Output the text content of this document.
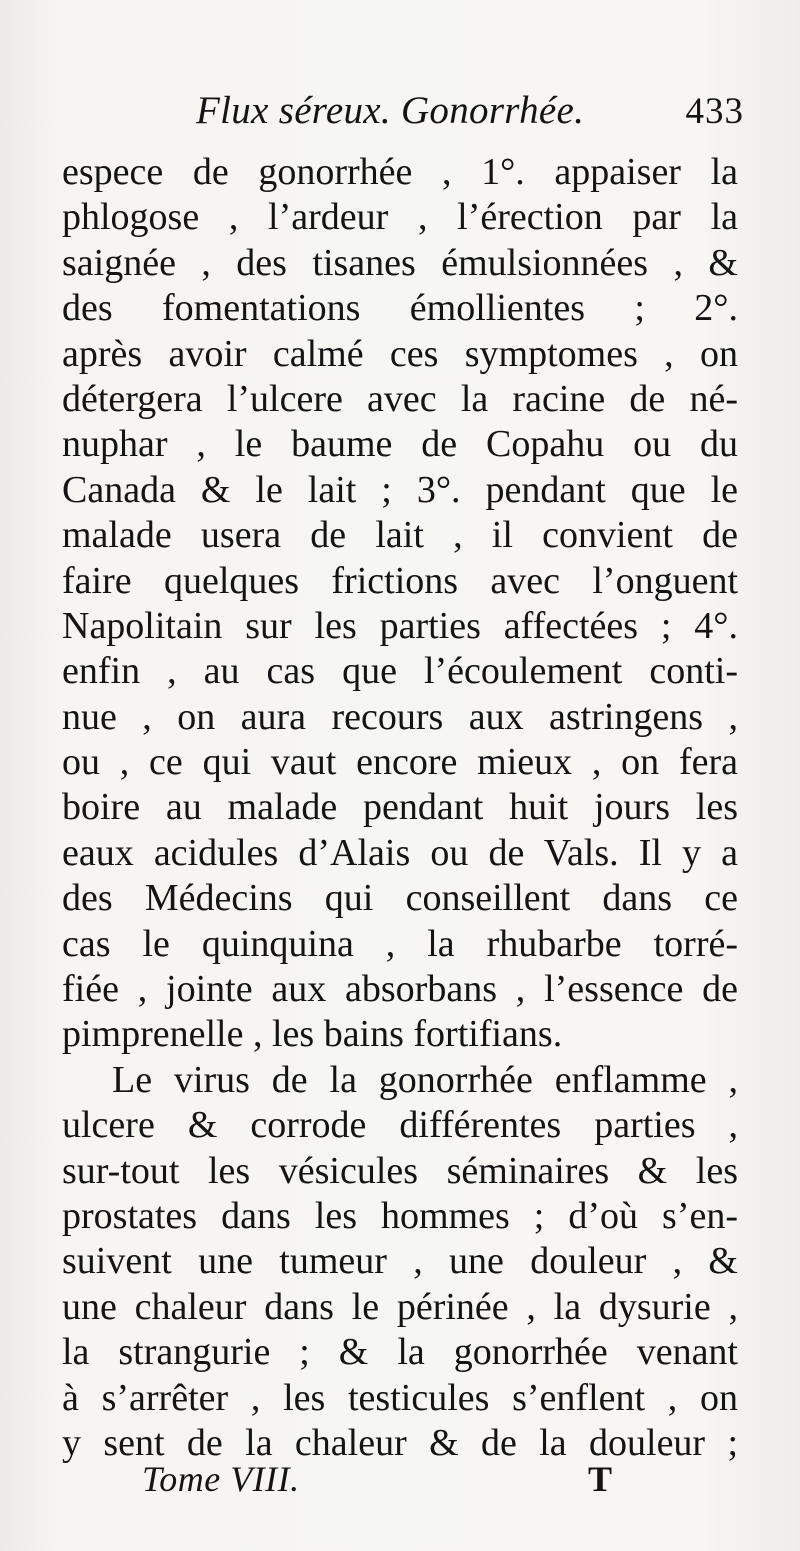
Flux séreux. Gonorrhée.	433
espece de gonorrhée , 1°. appaiser la
phlogose , l’ardeur , l’érection par la
saignée , des tisanes émulsionnées , &
des fomentations émollientes ; 2°.
après avoir calmé ces symptomes , on
détergera l’ulcere avec la racine de né-
nuphar , le baume de Copahu ou du
Canada & le lait ; 3°. pendant que le
malade usera de lait , il convient de
faire quelques frictions avec l’onguent
Napolitain sur les parties affectées ; 4°.
enfin , au cas que l’écoulement conti-
nue , on aura recours aux astringens ,
ou , ce qui vaut encore mieux , on fera
boire au malade pendant huit jours les
eaux acidules d’Alais ou de Vals. Il y a
des Médecins qui conseillent dans ce
cas le quinquina , la rhubarbe torré-
fiée , jointe aux absorbans , l’essence de
pimprenelle , les bains fortifians.
Le virus de la gonorrhée enflamme ,
ulcere & corrode différentes parties ,
sur-tout les vésicules séminaires & les
prostates dans les hommes ; d’où s’en-
suivent une tumeur , une douleur , &
une chaleur dans le périnée , la dysurie ,
la strangurie ; & la gonorrhée venant
à s’arrêter , les testicules s’enflent , on
y sent de la chaleur & de la douleur ;
Tome VIII.	T
